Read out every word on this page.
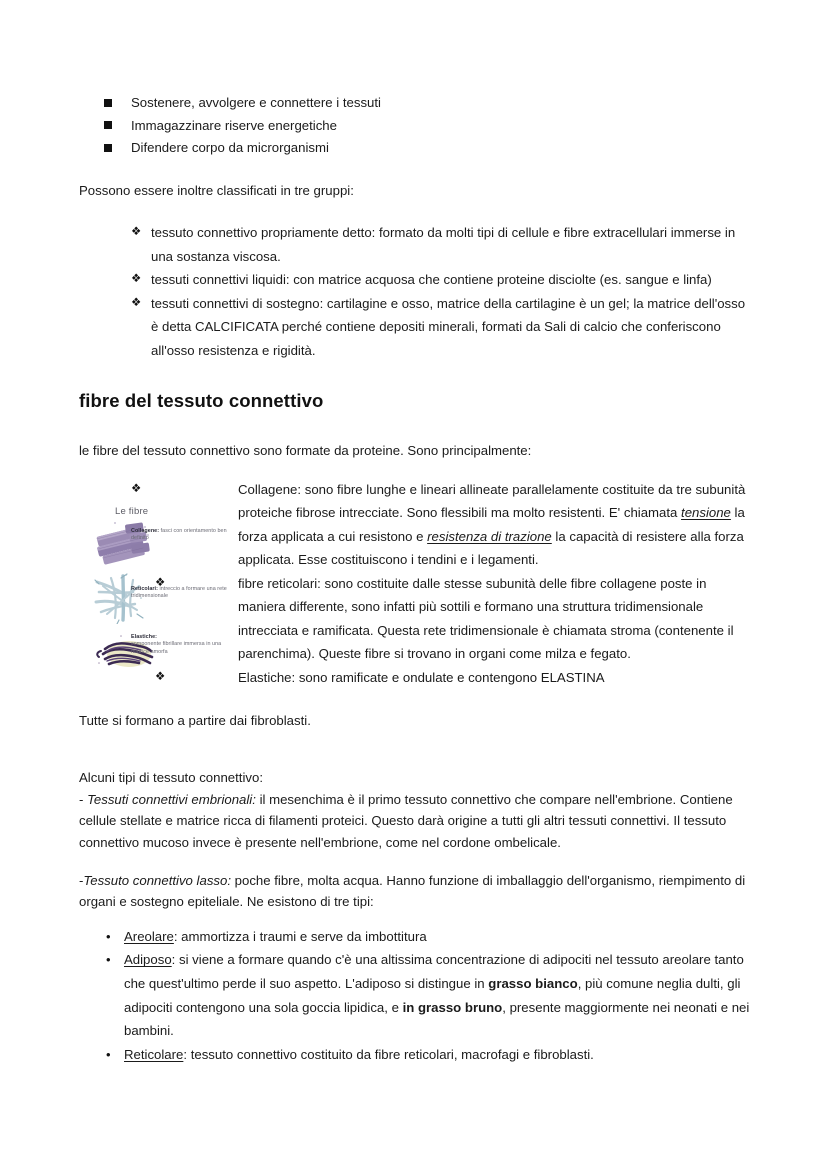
Sostenere, avvolgere e connettere i tessuti
Immagazzinare riserve energetiche
Difendere corpo da microrganismi

Possono essere inoltre classificati in tre gruppi:

❖ tessuto connettivo propriamente detto: formato da molti tipi di cellule e fibre extracellulari immerse in una sostanza viscosa.
❖ tessuti connettivi liquidi: con matrice acquosa che contiene proteine disciolte (es. sangue e linfa)
❖ tessuti connettivi di sostegno: cartilagine e osso, matrice della cartilagine è un gel; la matrice dell'osso è detta CALCIFICATA perché contiene depositi minerali, formati da Sali di calcio che conferiscono all'osso resistenza e rigidità.
fibre del tessuto connettivo

le fibre del tessuto connettivo sono formate da proteine. Sono principalmente:

Le fibre
Collagene: fasci con orientamento ben definito
Reticolari: intreccio a formare una rete tridimensionale
Elastiche:
componente fibrillare immersa in una matrice amorfa
❖	Collagene: sono fibre lunghe e lineari allineate parallelamente costituite da tre subunità proteiche fibrose intrecciate. Sono flessibili ma molto resistenti. E' chiamata tensione la forza applicata a cui resistono e resistenza di trazione la capacità di resistere alla forza applicata. Esse costituiscono i tendini e i legamenti.
❖	fibre reticolari: sono costituite dalle stesse subunità delle fibre collagene poste in maniera differente, sono infatti più sottili e formano una struttura tridimensionale intrecciata e ramificata. Questa rete tridimensionale è chiamata stroma (contenente il parenchima). Queste fibre si trovano in organi come milza e fegato.
❖	Elastiche: sono ramificate e ondulate e contengono ELASTINA

Tutte si formano a partire dai fibroblasti.

Alcuni tipi di tessuto connettivo:

- Tessuti connettivi embrionali: il mesenchima è il primo tessuto connettivo che compare nell'embrione. Contiene cellule stellate e matrice ricca di filamenti proteici. Questo darà origine a tutti gli altri tessuti connettivi. Il tessuto connettivo mucoso invece è presente nell'embrione, come nel cordone ombelicale.

-Tessuto connettivo lasso: poche fibre, molta acqua. Hanno funzione di imballaggio dell'organismo, riempimento di organi e sostegno epiteliale. Ne esistono di tre tipi:

• Areolare: ammortizza i traumi e serve da imbottitura
• Adiposo: si viene a formare quando c'è una altissima concentrazione di adipociti nel tessuto areolare tanto che quest'ultimo perde il suo aspetto. L'adiposo si distingue in grasso bianco, più comune neglia dulti, gli adipociti contengono una sola goccia lipidica, e in grasso bruno, presente maggiormente nei neonati e nei bambini.
• Reticolare: tessuto connettivo costituito da fibre reticolari, macrofagi e fibroblasti.
